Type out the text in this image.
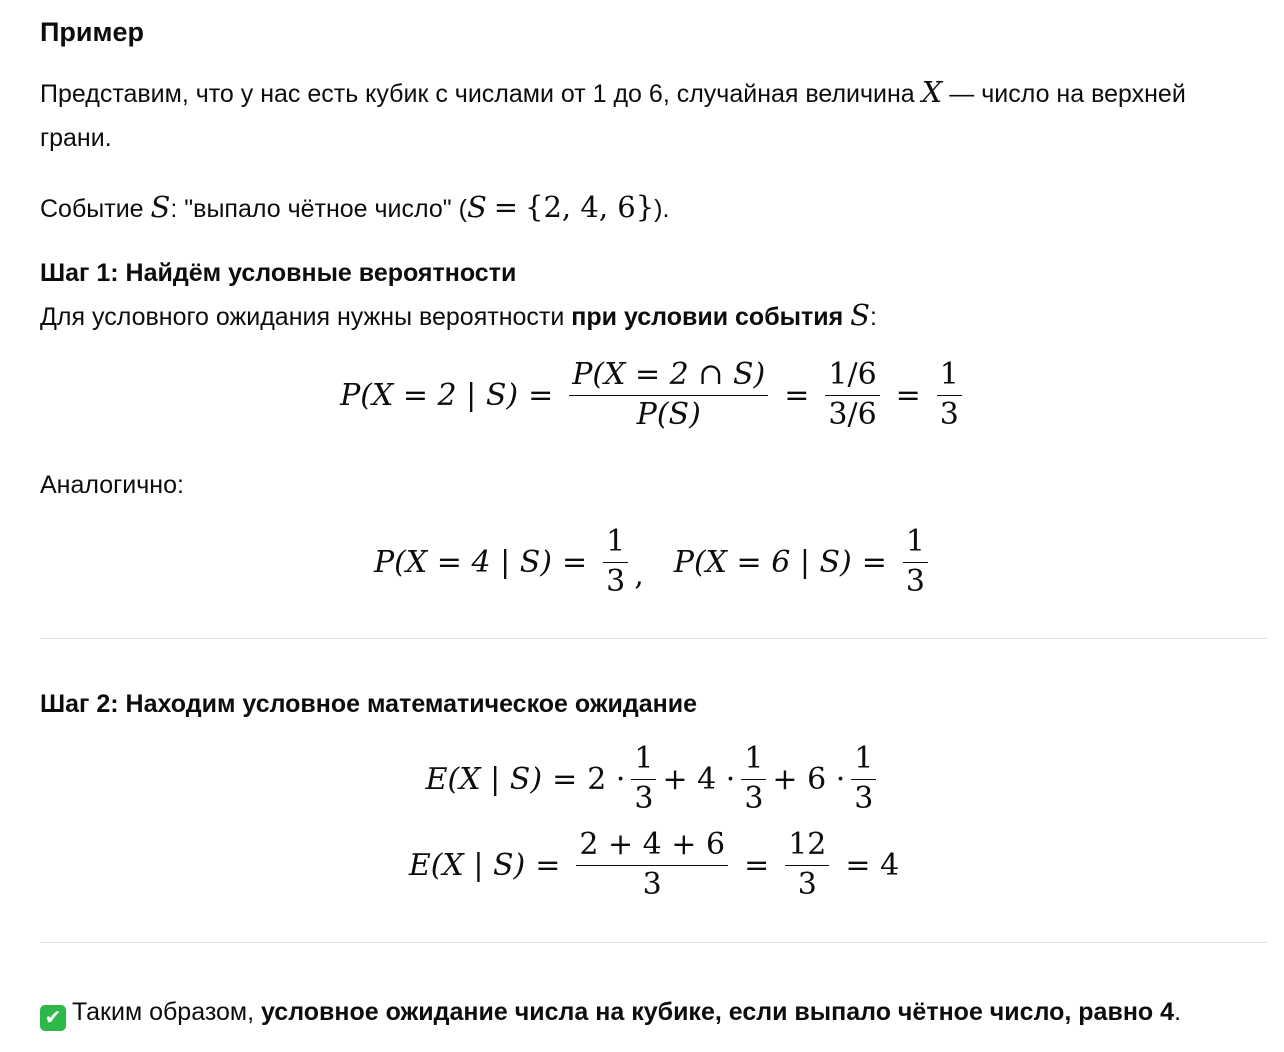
Пример
Представим, что у нас есть кубик с числами от 1 до 6, случайная величина X — число на верхней
грани.
Событие S: "выпало чётное число" (S = {2, 4, 6}).
Шаг 1: Найдём условные вероятности
Для условного ожидания нужны вероятности при условии события S:
P (X = 2 | $S) = \frac{P(X = 2 \cap S)}{P(S)} = \frac{1/6}{3/6} = \frac{1}{3}$
Аналогично:
P(X = 4 | $S) = \frac{1}{3}$ , P(X = 6 | $S) = \frac{1}{3}$
Шаг 2: Находим условное математическое ожидание
E(X | $S) = 2 \cdot \frac{1}{3} + 4 \cdot \frac{1}{3} + 6 \cdot \frac{1}{3}$
E(X | $S) = \frac{2 + 4 + 6}{3} = \frac{12}{3} = 4$
✔ Таким образом, условное ожидание числа на кубике, если выпало чётное число, равно 4.
